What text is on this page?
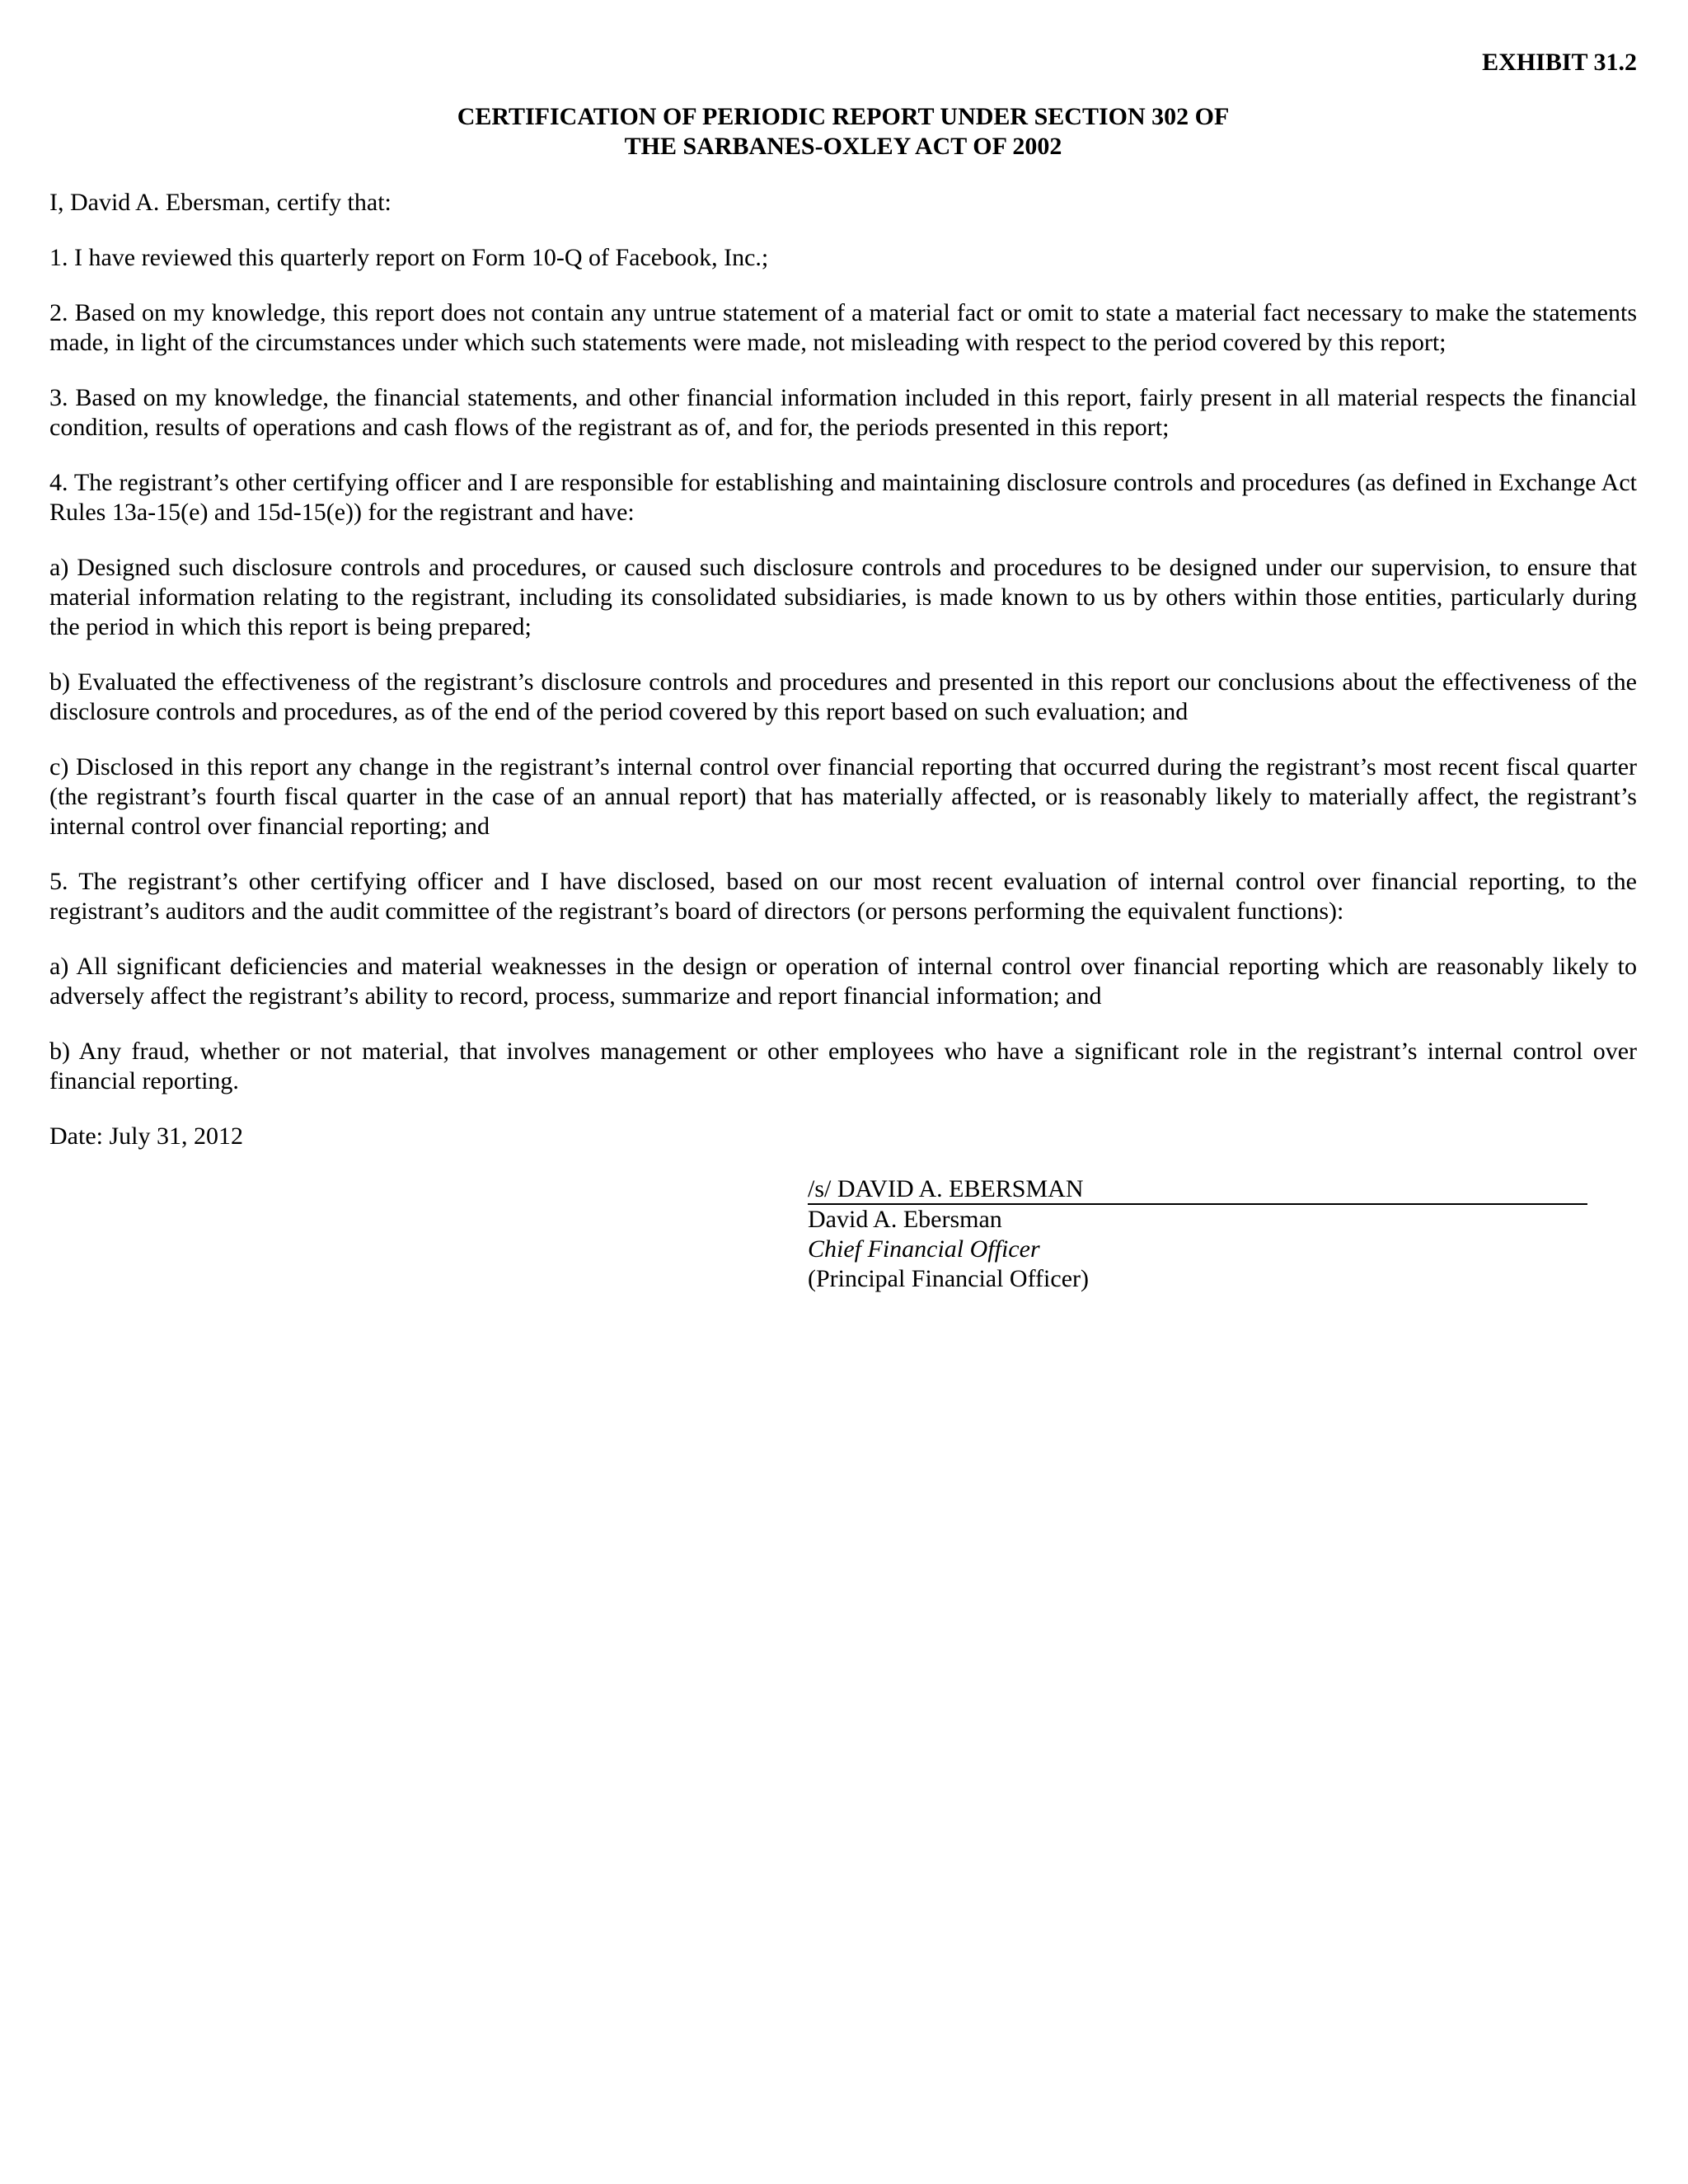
EXHIBIT 31.2

CERTIFICATION OF PERIODIC REPORT UNDER SECTION 302 OF
THE SARBANES-OXLEY ACT OF 2002

I, David A. Ebersman, certify that:

1. I have reviewed this quarterly report on Form 10-Q of Facebook, Inc.;

2. Based on my knowledge, this report does not contain any untrue statement of a material fact or omit to state a material fact necessary to make the statements made, in light of the circumstances under which such statements were made, not misleading with respect to the period covered by this report;

3. Based on my knowledge, the financial statements, and other financial information included in this report, fairly present in all material respects the financial condition, results of operations and cash flows of the registrant as of, and for, the periods presented in this report;

4. The registrant’s other certifying officer and I are responsible for establishing and maintaining disclosure controls and procedures (as defined in Exchange Act Rules 13a-15(e) and 15d-15(e)) for the registrant and have:

a) Designed such disclosure controls and procedures, or caused such disclosure controls and procedures to be designed under our supervision, to ensure that material information relating to the registrant, including its consolidated subsidiaries, is made known to us by others within those entities, particularly during the period in which this report is being prepared;

b) Evaluated the effectiveness of the registrant’s disclosure controls and procedures and presented in this report our conclusions about the effectiveness of the disclosure controls and procedures, as of the end of the period covered by this report based on such evaluation; and

c) Disclosed in this report any change in the registrant’s internal control over financial reporting that occurred during the registrant’s most recent fiscal quarter (the registrant’s fourth fiscal quarter in the case of an annual report) that has materially affected, or is reasonably likely to materially affect, the registrant’s internal control over financial reporting; and

5. The registrant’s other certifying officer and I have disclosed, based on our most recent evaluation of internal control over financial reporting, to the registrant’s auditors and the audit committee of the registrant’s board of directors (or persons performing the equivalent functions):

a) All significant deficiencies and material weaknesses in the design or operation of internal control over financial reporting which are reasonably likely to adversely affect the registrant’s ability to record, process, summarize and report financial information; and

b) Any fraud, whether or not material, that involves management or other employees who have a significant role in the registrant’s internal control over financial reporting.

Date: July 31, 2012

/s/ DAVID A. EBERSMAN
David A. Ebersman
Chief Financial Officer
(Principal Financial Officer)
